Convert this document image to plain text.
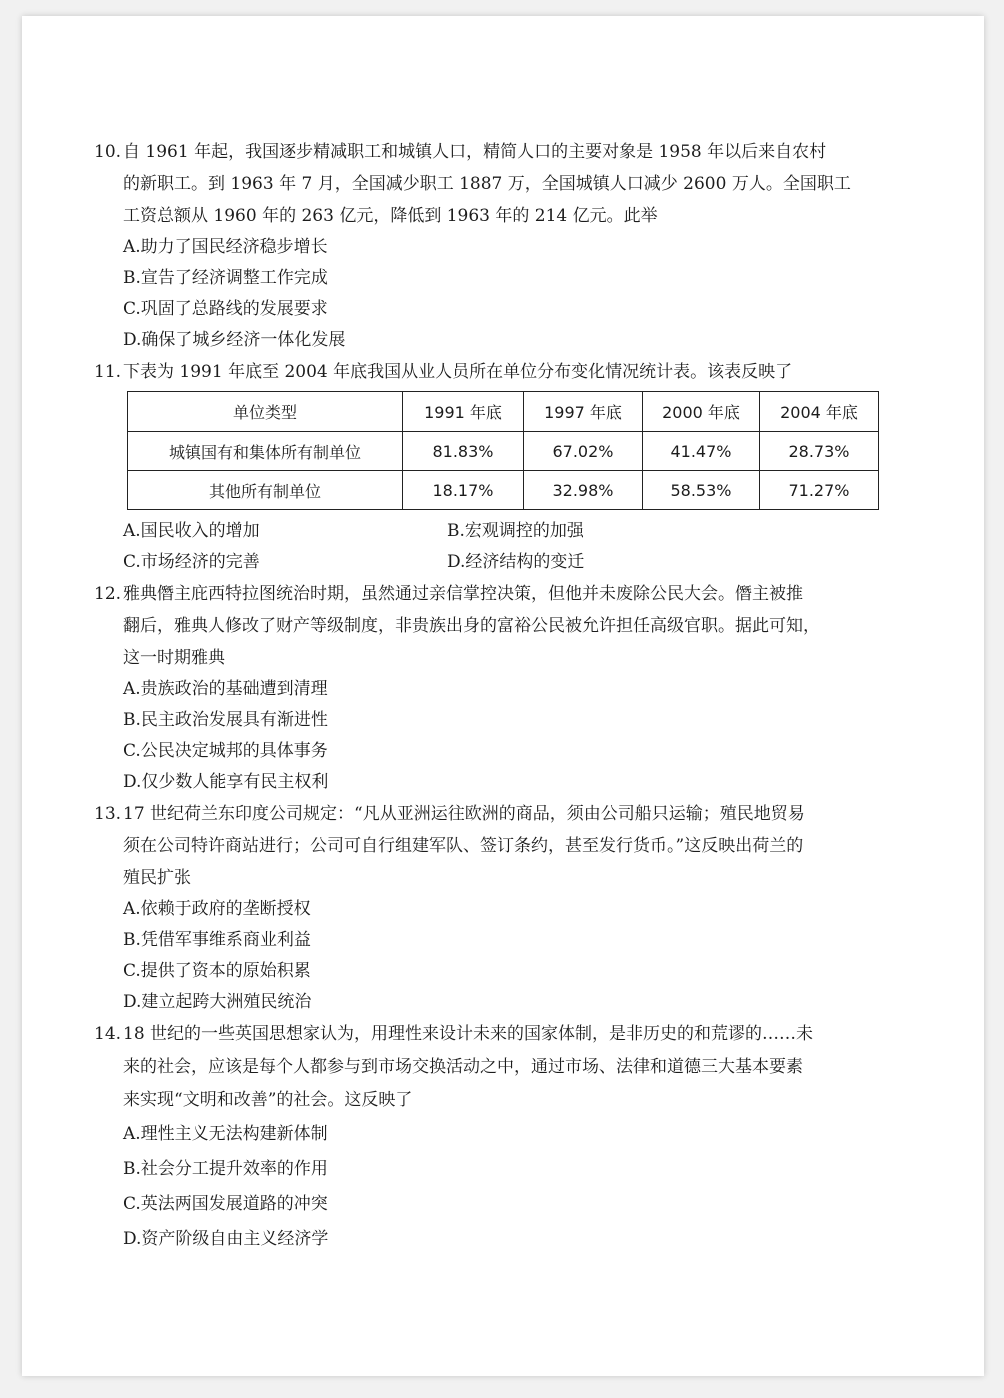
10. 自 1961 年起，我国逐步精减职工和城镇人口，精简人口的主要对象是 1958 年以后来自农村
的新职工。到 1963 年 7 月，全国减少职工 1887 万，全国城镇人口减少 2600 万人。全国职工
工资总额从 1960 年的 263 亿元，降低到 1963 年的 214 亿元。此举
A.助力了国民经济稳步增长
B.宣告了经济调整工作完成
C.巩固了总路线的发展要求
D.确保了城乡经济一体化发展
11. 下表为 1991 年底至 2004 年底我国从业人员所在单位分布变化情况统计表。该表反映了
单位类型	1991 年底	1997 年底	2000 年底	2004 年底
城镇国有和集体所有制单位	81.83%	67.02%	41.47%	28.73%
其他所有制单位	18.17%	32.98%	58.53%	71.27%
A.国民收入的增加	B.宏观调控的加强
C.市场经济的完善	D.经济结构的变迁
12. 雅典僭主庇西特拉图统治时期，虽然通过亲信掌控决策，但他并未废除公民大会。僭主被推
翻后，雅典人修改了财产等级制度，非贵族出身的富裕公民被允许担任高级官职。据此可知，
这一时期雅典
A.贵族政治的基础遭到清理
B.民主政治发展具有渐进性
C.公民决定城邦的具体事务
D.仅少数人能享有民主权利
13. 17 世纪荷兰东印度公司规定：“凡从亚洲运往欧洲的商品，须由公司船只运输；殖民地贸易
须在公司特许商站进行；公司可自行组建军队、签订条约，甚至发行货币。”这反映出荷兰的
殖民扩张
A.依赖于政府的垄断授权
B.凭借军事维系商业利益
C.提供了资本的原始积累
D.建立起跨大洲殖民统治
14. 18 世纪的一些英国思想家认为，用理性来设计未来的国家体制，是非历史的和荒谬的……未
来的社会，应该是每个人都参与到市场交换活动之中，通过市场、法律和道德三大基本要素
来实现“文明和改善”的社会。这反映了
A.理性主义无法构建新体制
B.社会分工提升效率的作用
C.英法两国发展道路的冲突
D.资产阶级自由主义经济学
